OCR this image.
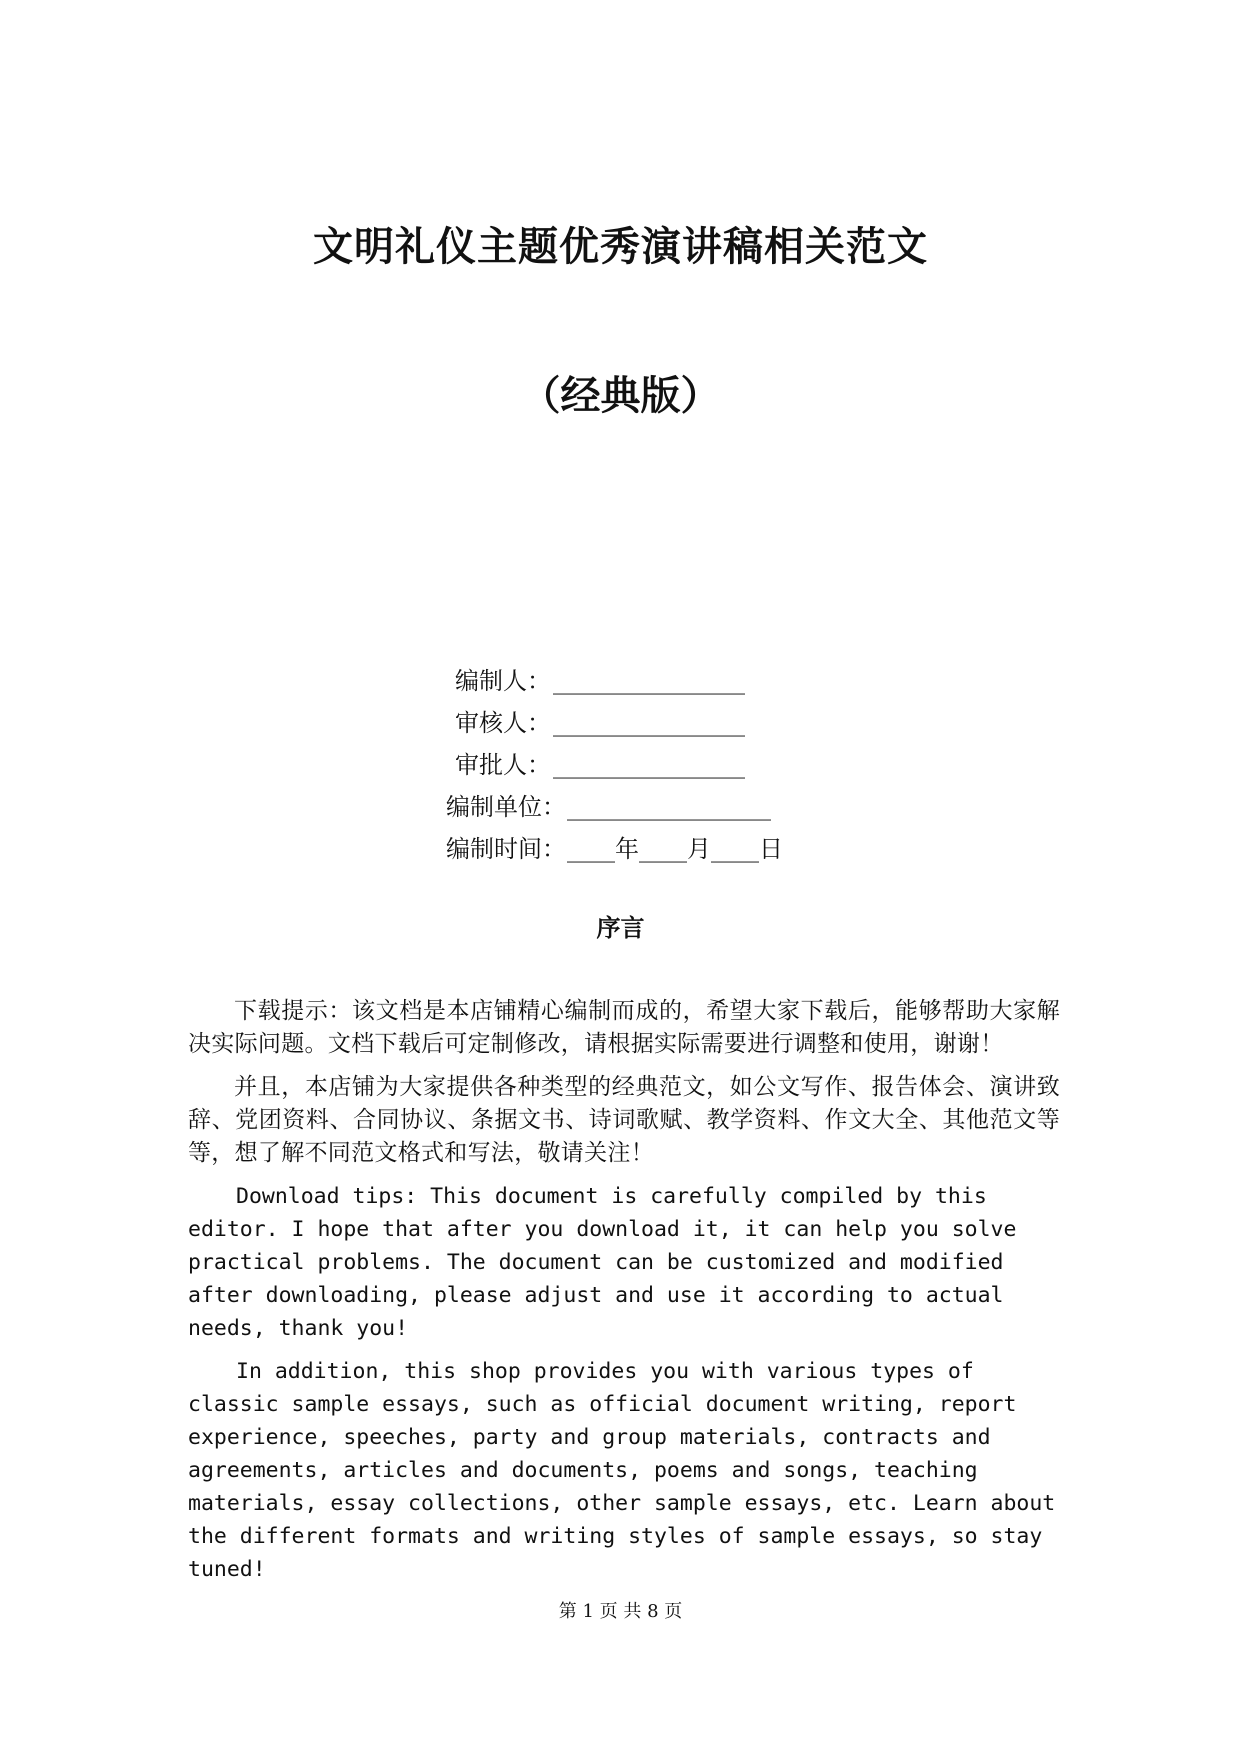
文明礼仪主题优秀演讲稿相关范文
（经典版）
编制人： ________________
审核人： ________________
审批人： ________________
编制单位： _________________
编制时间： ____年____月____日
序言

下载提示：该文档是本店铺精心编制而成的，希望大家下载后，能够帮助大家解决实际问题。文档下载后可定制修改，请根据实际需要进行调整和使用，谢谢！

并且，本店铺为大家提供各种类型的经典范文，如公文写作、报告体会、演讲致辞、党团资料、合同协议、条据文书、诗词歌赋、教学资料、作文大全、其他范文等等，想了解不同范文格式和写法，敬请关注！

Download tips: This document is carefully compiled by this editor. I hope that after you download it, it can help you solve practical problems. The document can be customized and modified after downloading, please adjust and use it according to actual needs, thank you!

In addition, this shop provides you with various types of classic sample essays, such as official document writing, report experience, speeches, party and group materials, contracts and agreements, articles and documents, poems and songs, teaching materials, essay collections, other sample essays, etc. Learn about the different formats and writing styles of sample essays, so stay tuned!

第 1 页 共 8 页
